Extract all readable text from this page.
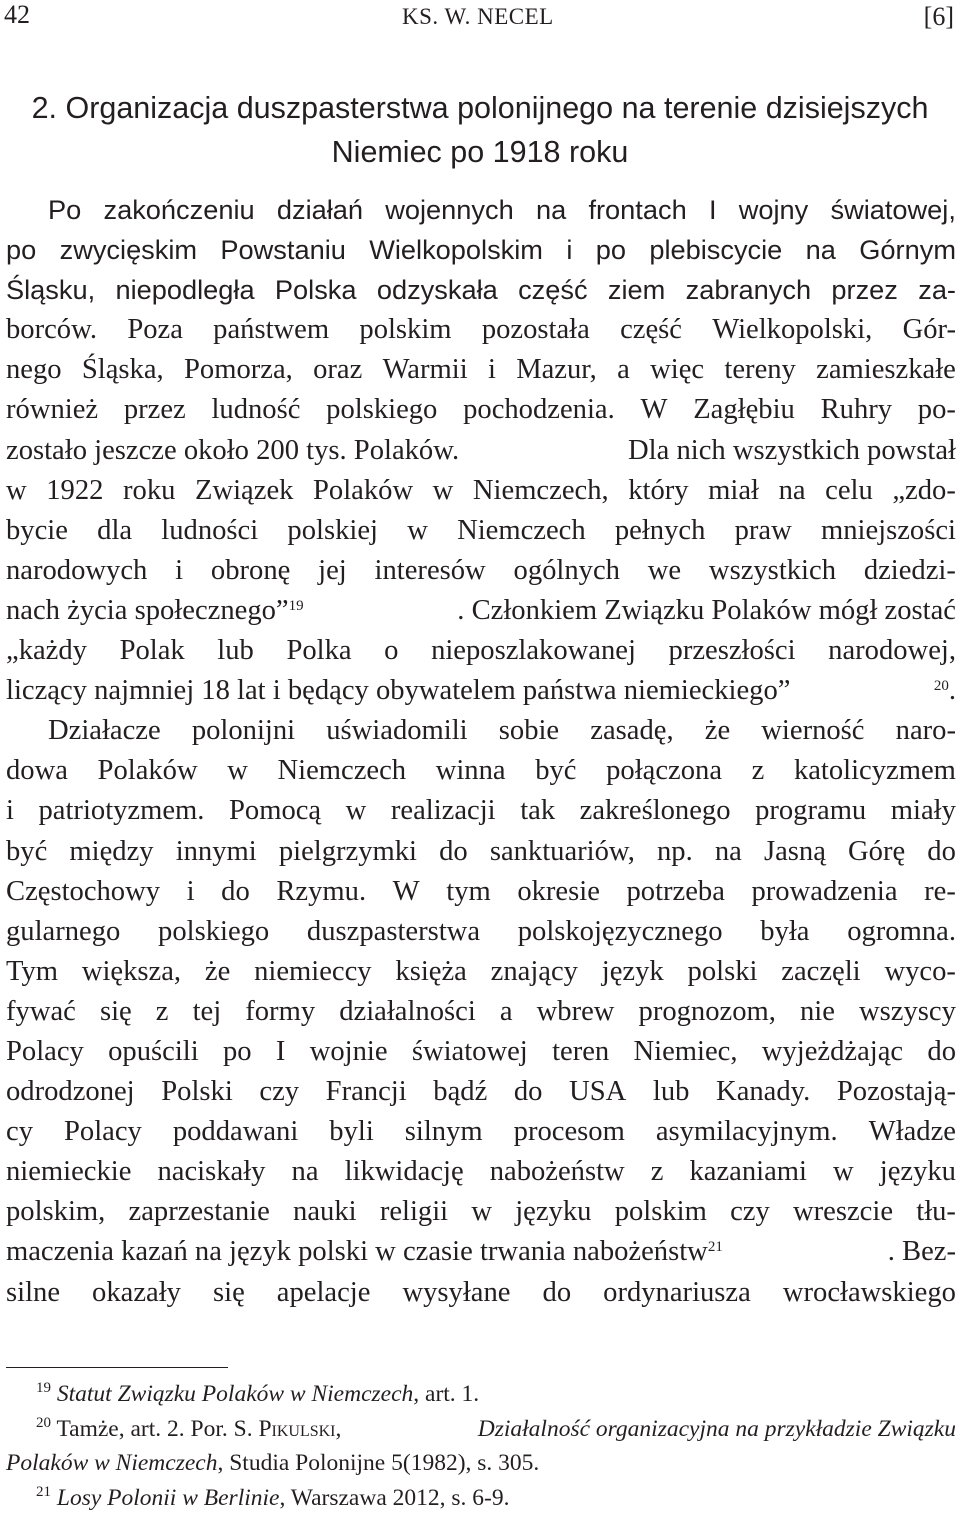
42	KS. W. NECEL	[6]
2. Organizacja duszpasterstwa polonijnego na terenie dzisiejszych
Niemiec po 1918 roku
Po zakończeniu działań wojennych na frontach I wojny światowej,
po zwycięskim Powstaniu Wielkopolskim i po plebiscycie na Górnym
Śląsku, niepodległa Polska odzyskała część ziem zabranych przez za-
borców. Poza państwem polskim pozostała część Wielkopolski, Gór-
nego Śląska, Pomorza, oraz Warmii i Mazur, a więc tereny zamieszkałe
również przez ludność polskiego pochodzenia. W Zagłębiu Ruhry po-
zostało jeszcze około 200 tys. Polaków.	Dla nich wszystkich powstał
w 1922 roku Związek Polaków w Niemczech, który miał na celu „zdo-
bycie dla ludności polskiej w Niemczech pełnych praw mniejszości
narodowych i obronę jej interesów ogólnych we wszystkich dziedzi-
nach życia społecznego”$^{19}$	. Członkiem Związku Polaków mógł zostać
„każdy Polak lub Polka o nieposzlakowanej przeszłości narodowej,
liczący najmniej 18 lat i będący obywatelem państwa niemieckiego”	$^{20}$.
Działacze polonijni uświadomili sobie zasadę, że wierność naro-
dowa Polaków w Niemczech winna być połączona z katolicyzmem
i patriotyzmem. Pomocą w realizacji tak zakreślonego programu miały
być między innymi pielgrzymki do sanktuariów, np. na Jasną Górę do
Częstochowy i do Rzymu. W tym okresie potrzeba prowadzenia re-
gularnego polskiego duszpasterstwa polskojęzycznego była ogromna.
Tym większa, że niemieccy księża znający język polski zaczęli wyco-
fywać się z tej formy działalności a wbrew prognozom, nie wszyscy
Polacy opuścili po I wojnie światowej teren Niemiec, wyjeżdżając do
odrodzonej Polski czy Francji bądź do USA lub Kanady. Pozostają-
cy Polacy poddawani byli silnym procesom asymilacyjnym. Władze
niemieckie naciskały na likwidację nabożeństw z kazaniami w języku
polskim, zaprzestanie nauki religii w języku polskim czy wreszcie tłu-
maczenia kazań na język polski w czasie trwania nabożeństw$^{21}$	. Bez-
silne okazały się apelacje wysyłane do ordynariusza wrocławskiego
$^{19}$ Statut Związku Polaków w Niemczech, art. 1.
$^{20}$ Tamże, art. 2. Por. S. Pikulski,	Działalność organizacyjna na przykładzie Związku
Polaków w Niemczech, Studia Polonijne 5(1982), s. 305.
$^{21}$ Losy Polonii w Berlinie, Warszawa 2012, s. 6-9.
